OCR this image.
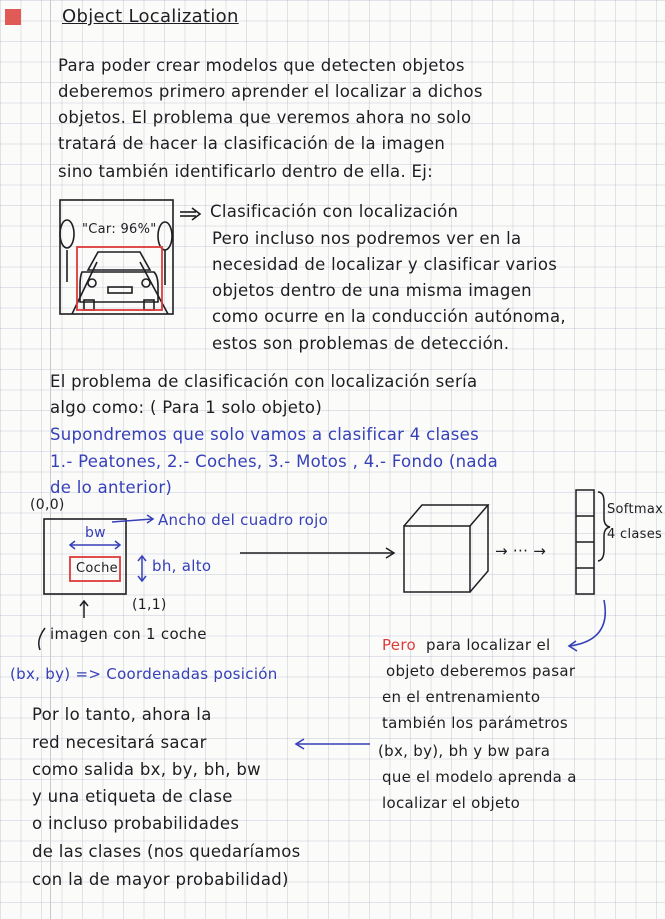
Object Localization
Para poder crear modelos que detecten objetos
deberemos primero aprender el localizar a dichos
objetos. El problema que veremos ahora no solo
tratará de hacer la clasificación de la imagen
sino también identificarlo dentro de ella. Ej:
"Car: 96%"
Clasificación con localización
Pero incluso nos podremos ver en la
necesidad de localizar y clasificar varios
objetos dentro de una misma imagen
como ocurre en la conducción autónoma,
estos son problemas de detección.
El problema de clasificación con localización sería
algo como: ( Para 1 solo objeto)
Supondremos que solo vamos a clasificar 4 clases
1.- Peatones, 2.- Coches, 3.- Motos , 4.- Fondo (nada
de lo anterior)
(0,0)
bw
Ancho del cuadro rojo
bh, alto
Coche
(1,1)
imagen con 1 coche
(bx, by) => Coordenadas posición
→ ··· →
Softmax
4 clases
Pero para localizar el
objeto deberemos pasar
en el entrenamiento
también los parámetros
(bx, by), bh y bw para
que el modelo aprenda a
localizar el objeto
Por lo tanto, ahora la
red necesitará sacar
como salida bx, by, bh, bw
y una etiqueta de clase
o incluso probabilidades
de las clases (nos quedaríamos
con la de mayor probabilidad)
